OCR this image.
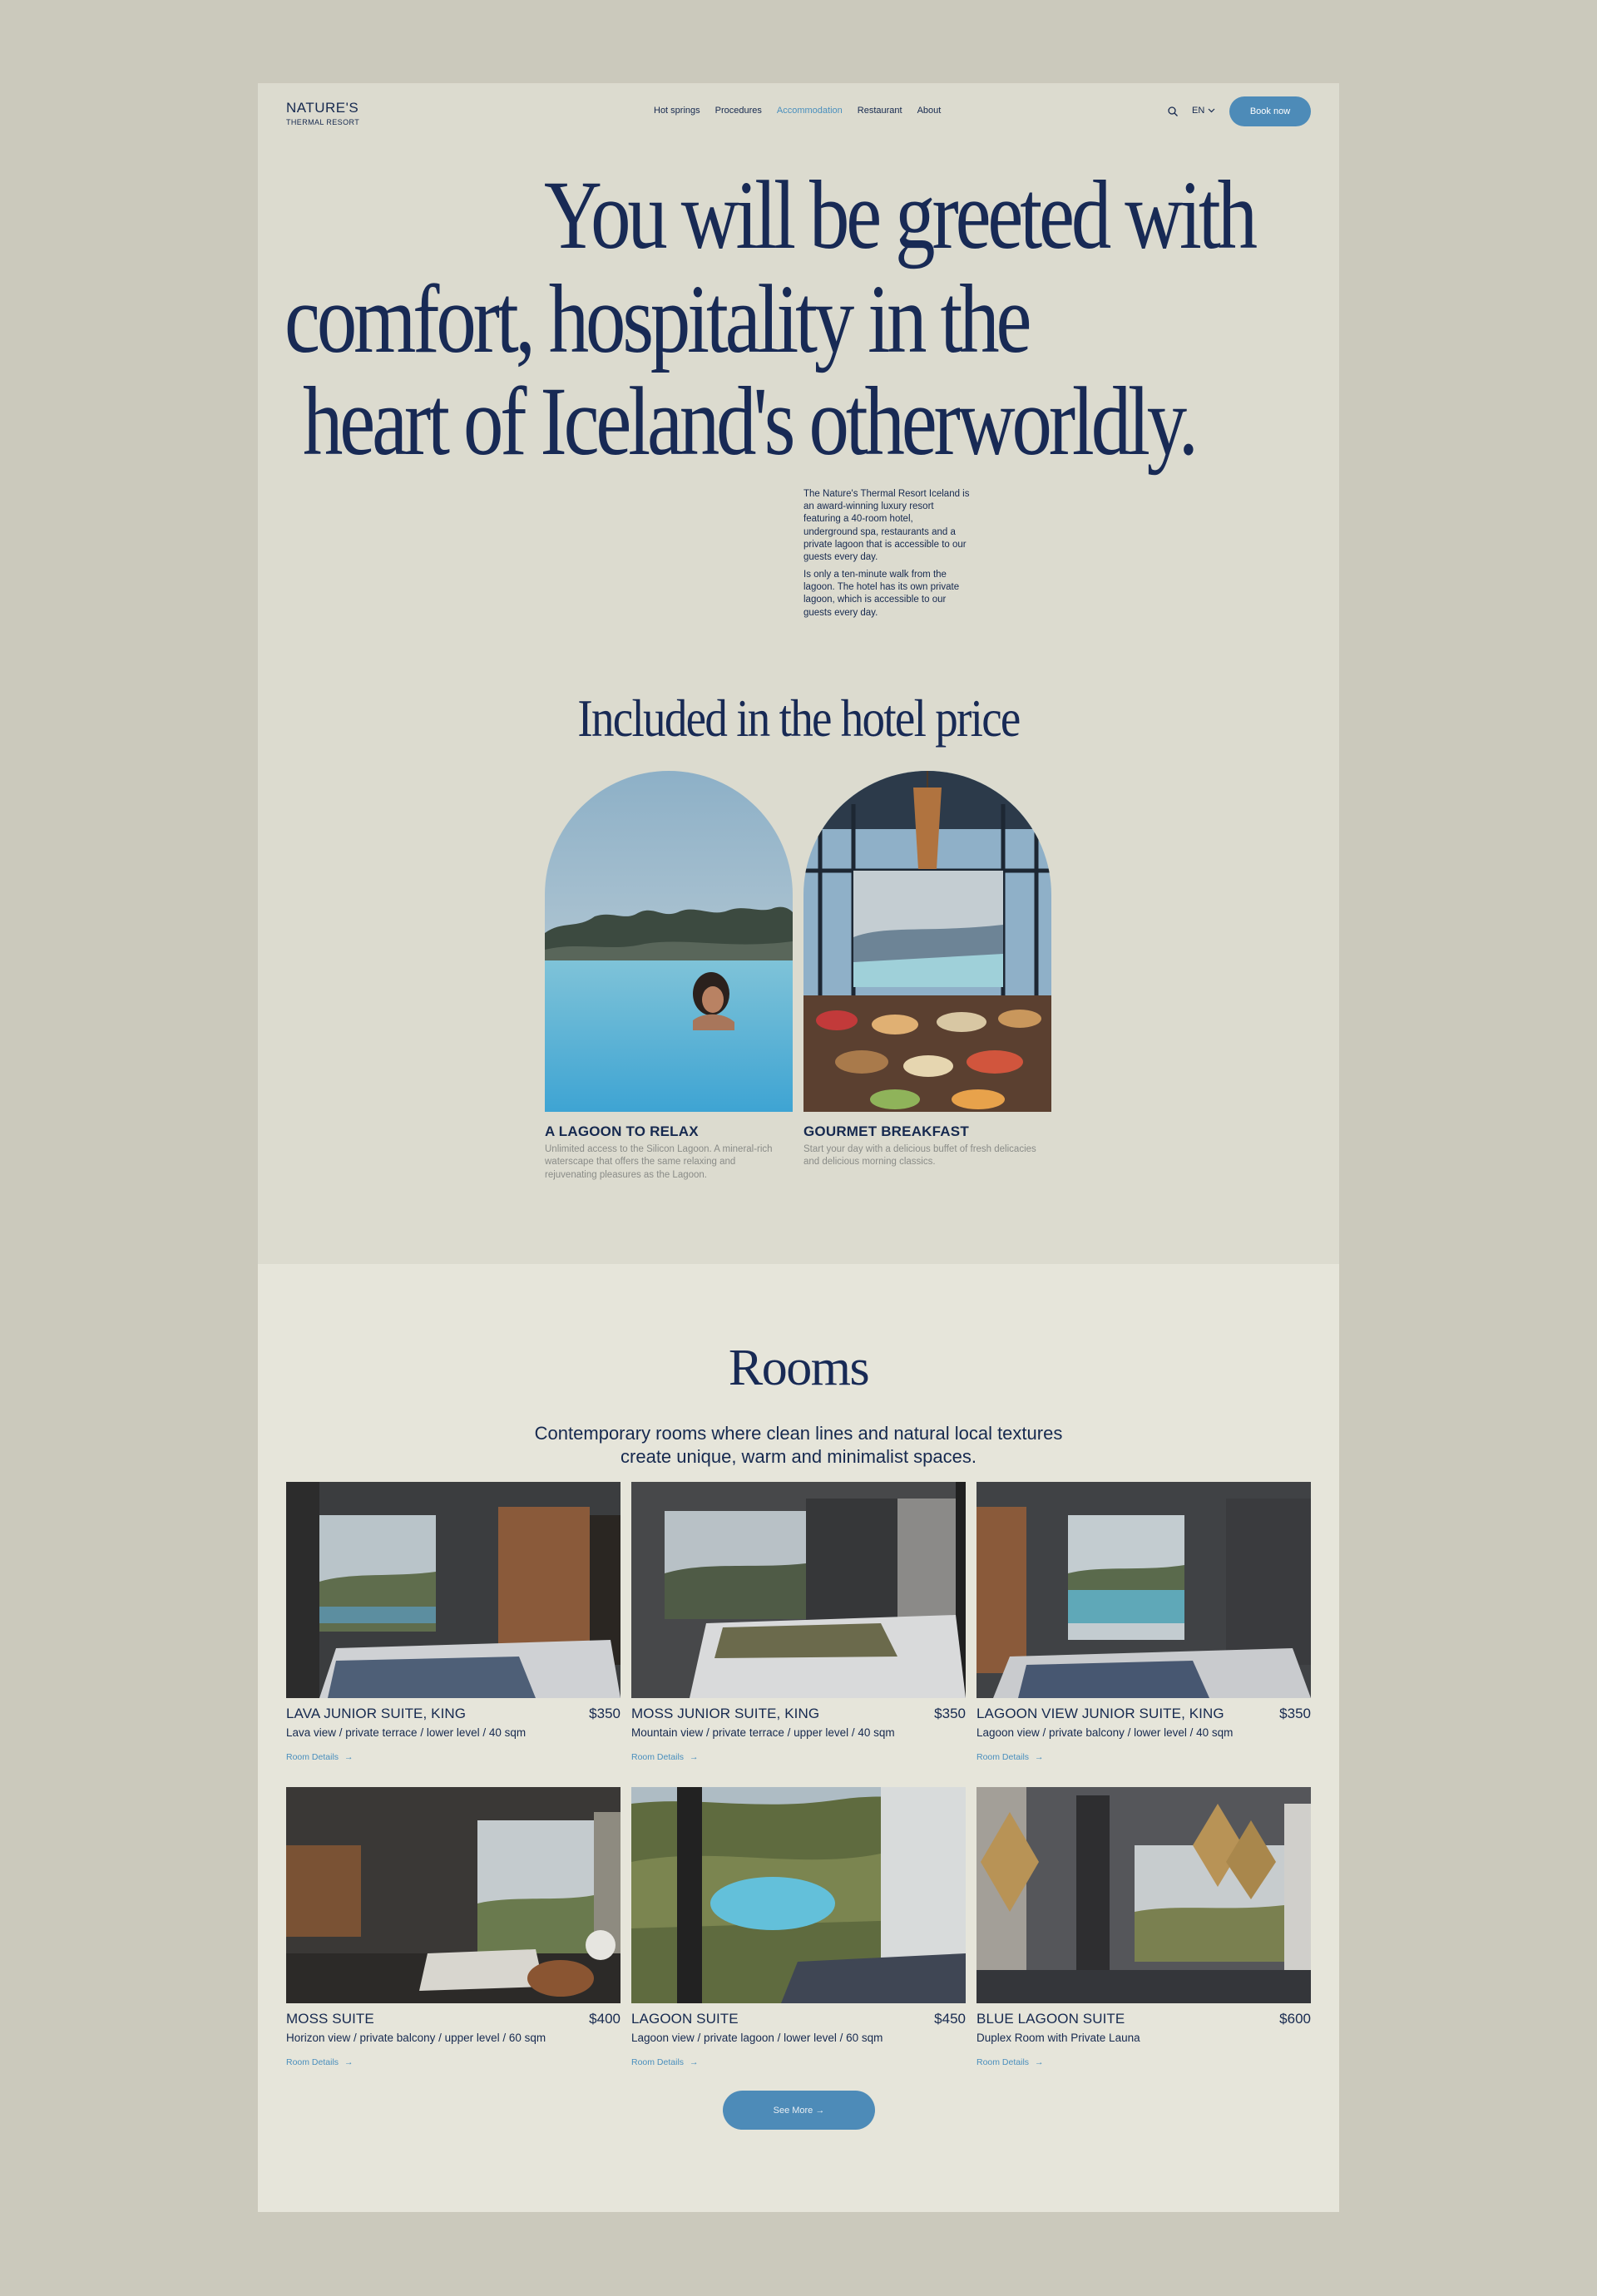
NATURE'S
THERMAL RESORT
Hot springs Procedures Accommodation Restaurant About	EN	Book now
You will be greeted with
comfort, hospitality in the
heart of Iceland's otherworldly.

The Nature's Thermal Resort Iceland is an award-winning luxury resort featuring a 40-room hotel, underground spa, restaurants and a private lagoon that is accessible to our guests every day.

Is only a ten-minute walk from the lagoon. The hotel has its own private lagoon, which is accessible to our guests every day.

Included in the hotel price
A LAGOON TO RELAX
Unlimited access to the Silicon Lagoon. A mineral-rich waterscape that offers the same relaxing and rejuvenating pleasures as the Lagoon.
GOURMET BREAKFAST
Start your day with a delicious buffet of fresh delicacies and delicious morning classics.
Rooms
Contemporary rooms where clean lines and natural local textures create unique, warm and minimalist spaces.
LAVA JUNIOR SUITE, KING	$350
Lava view / private terrace / lower level / 40 sqm
Room Details →
MOSS JUNIOR SUITE, KING	$350
Mountain view / private terrace / upper level / 40 sqm
Room Details →
LAGOON VIEW JUNIOR SUITE, KING	$350
Lagoon view / private balcony / lower level / 40 sqm
Room Details →
MOSS SUITE	$400
Horizon view / private balcony / upper level / 60 sqm
Room Details →
LAGOON SUITE	$450
Lagoon view / private lagoon / lower level / 60 sqm
Room Details →
BLUE LAGOON SUITE	$600
Duplex Room with Private Launa
Room Details →
See More →
